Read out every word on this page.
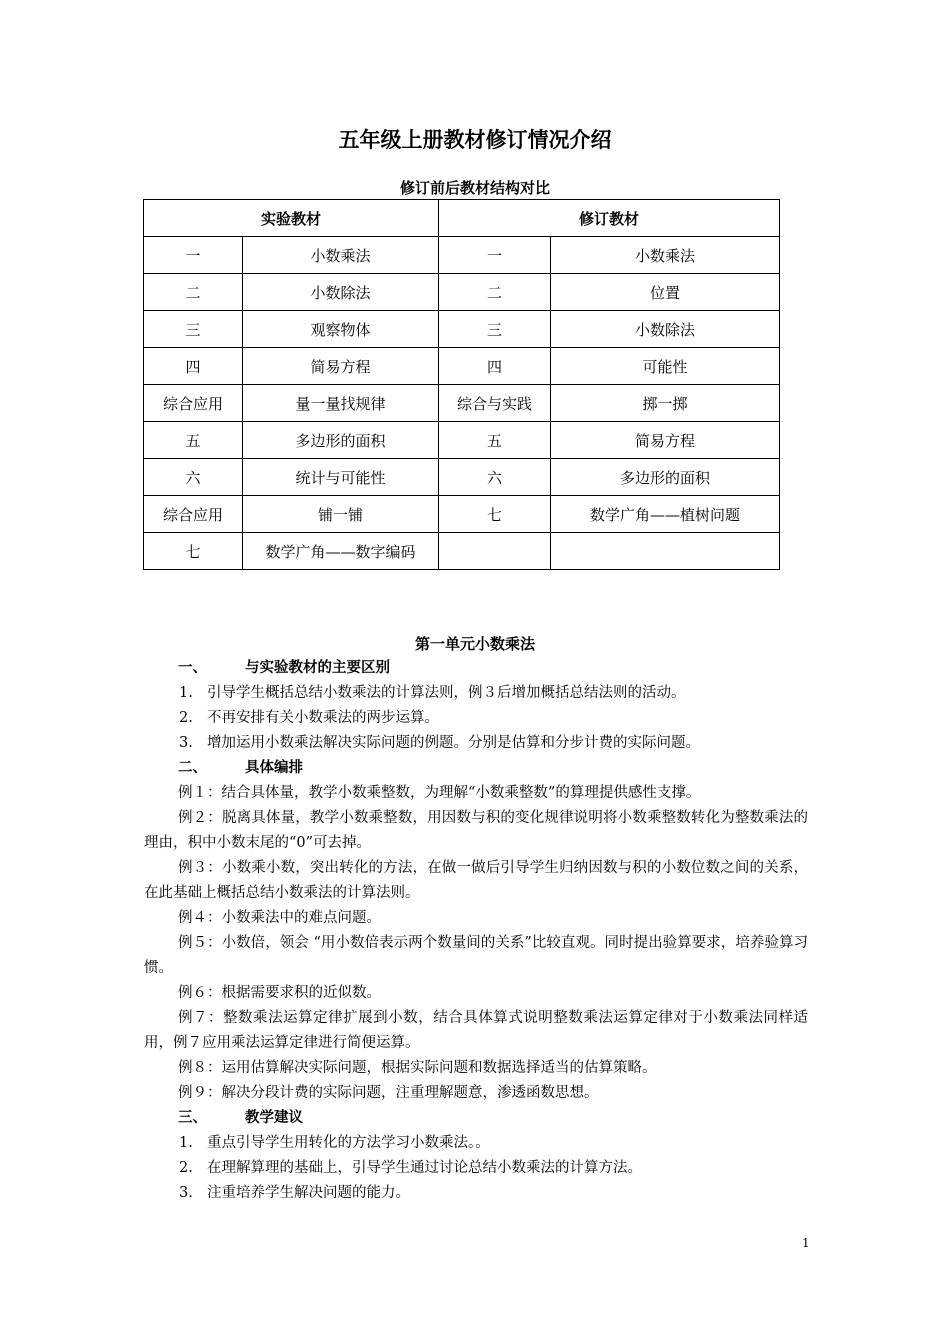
五年级上册教材修订情况介绍
修订前后教材结构对比
实验教材		修订教材	
一	小数乘法	一	小数乘法
二	小数除法	二	位置
三	观察物体	三	小数除法
四	简易方程	四	可能性
综合应用	量一量找规律	综合与实践	掷一掷
五	多边形的面积	五	简易方程
六	统计与可能性	六	多边形的面积
综合应用	铺一铺	七	数学广角——植树问题
七	数学广角——数字编码		
第一单元小数乘法
一、	与实验教材的主要区别
1. 引导学生概括总结小数乘法的计算法则，例３后增加概括总结法则的活动。
2. 不再安排有关小数乘法的两步运算。
3. 增加运用小数乘法解决实际问题的例题。分别是估算和分步计费的实际问题。
二、	具体编排
例１：结合具体量，教学小数乘整数，为理解“小数乘整数”的算理提供感性支撑。
例２：脱离具体量，教学小数乘整数，用因数与积的变化规律说明将小数乘整数转化为整数乘法的理由，积中小数末尾的“0”可去掉。
例３：小数乘小数，突出转化的方法，在做一做后引导学生归纳因数与积的小数位数之间的关系，在此基础上概括总结小数乘法的计算法则。
例４：小数乘法中的难点问题。
例５：小数倍，领会 “用小数倍表示两个数量间的关系”比较直观。同时提出验算要求，培养验算习惯。
例６：根据需要求积的近似数。
例７：整数乘法运算定律扩展到小数，结合具体算式说明整数乘法运算定律对于小数乘法同样适用，例７应用乘法运算定律进行简便运算。
例８：运用估算解决实际问题，根据实际问题和数据选择适当的估算策略。
例９：解决分段计费的实际问题，注重理解题意，渗透函数思想。
三、	教学建议
1. 重点引导学生用转化的方法学习小数乘法。。
2. 在理解算理的基础上，引导学生通过讨论总结小数乘法的计算方法。
3. 注重培养学生解决问题的能力。
1
